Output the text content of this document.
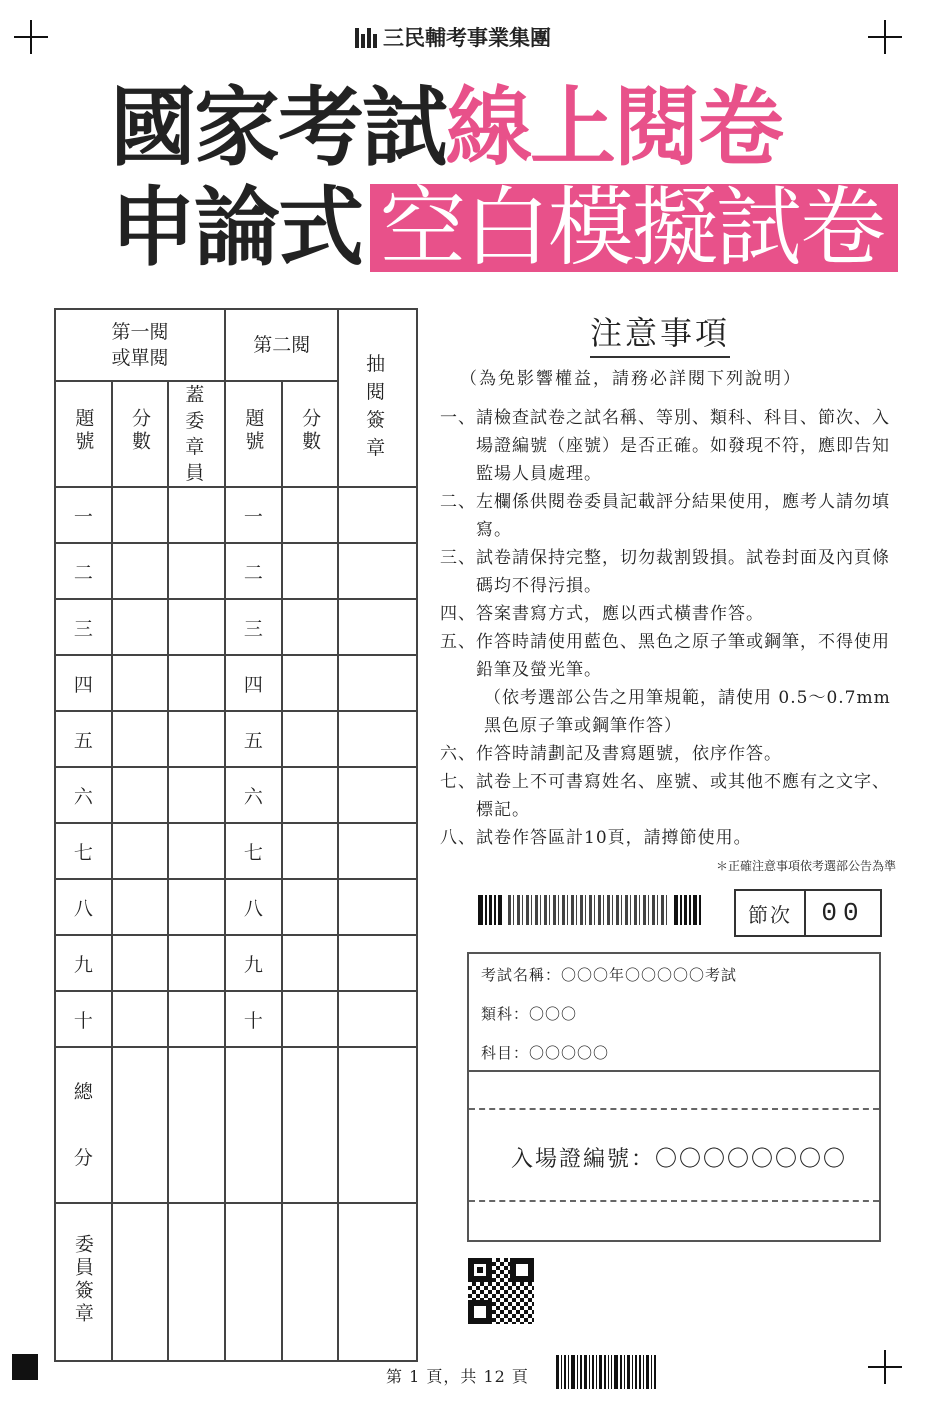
三民輔考事業集團
國家考試線上閱卷
申論式 空白模擬試卷
第一閱
或單閱			第二閱		抽閱簽章
題號	分數	蓋委章員	題號	分數	
一			一		
二			二		
三			三		
四			四		
五			五		
六			六		
七			七		
八			八		
九			九		
十			十		
總

分					
委員簽章					
注意事項
（為免影響權益，請務必詳閱下列說明）
一、 請檢查試卷之試名稱、等別、類科、科目、節次、入場證編號（座號）是否正確。如發現不符，應即告知監場人員處理。
二、 左欄係供閱卷委員記載評分結果使用，應考人請勿填寫。
三、 試卷請保持完整，切勿裁割毀損。試卷封面及內頁條碼均不得污損。
四、 答案書寫方式，應以西式橫書作答。
五、 作答時請使用藍色、黑色之原子筆或鋼筆，不得使用鉛筆及螢光筆。
（依考選部公告之用筆規範，請使用 0.5～0.7mm 黑色原子筆或鋼筆作答）
六、 作答時請劃記及書寫題號，依序作答。
七、 試卷上不可書寫姓名、座號、或其他不應有之文字、標記。
八、 試卷作答區計10頁，請撙節使用。
＊正確注意事項依考選部公告為準
節次	00
考試名稱：〇〇〇年〇〇〇〇〇考試
類科：〇〇〇
科目：〇〇〇〇〇
入場證編號：〇〇〇〇〇〇〇〇
第 1 頁，共 12 頁
